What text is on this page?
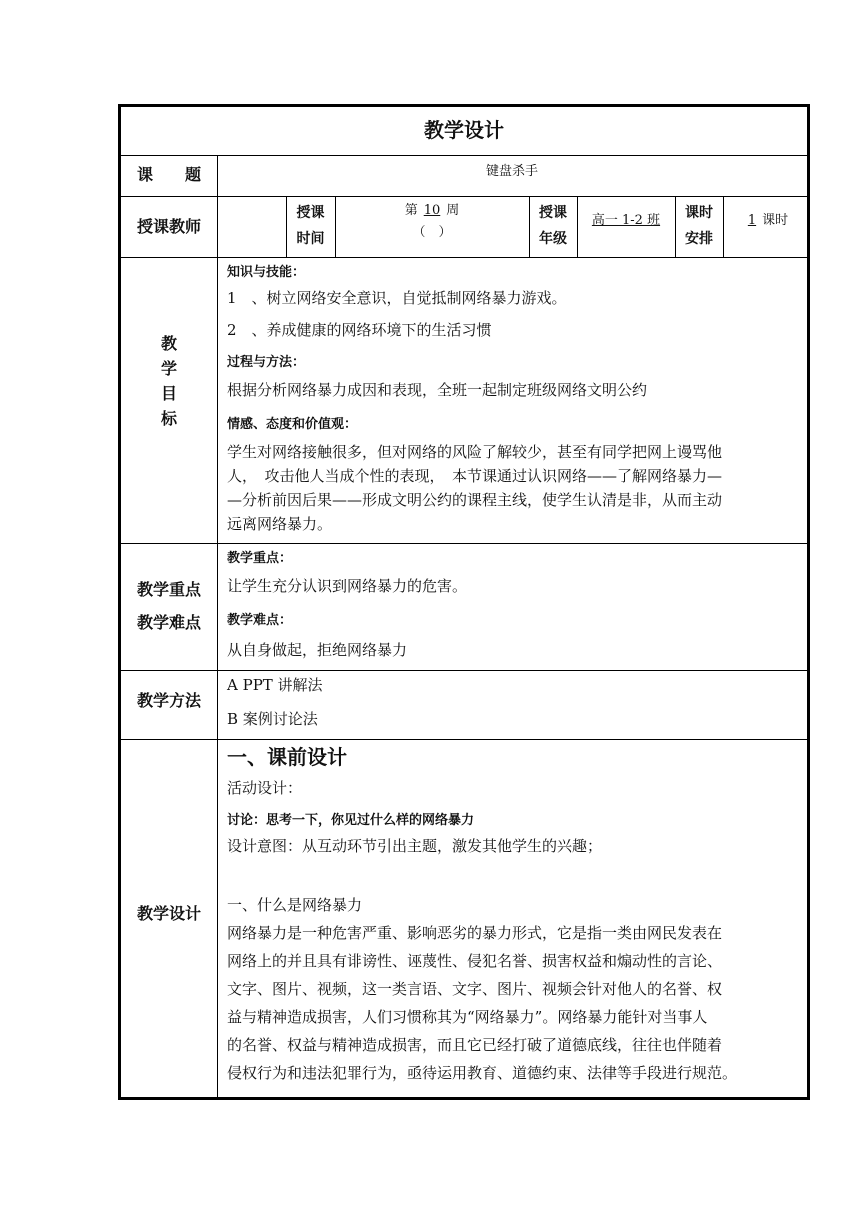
教学设计
课　　题	键盘杀手
授课教师
授课
时间
第 10 周
（　）
授课
年级
高一 1-2 班	课时
安排
1 课时
教
学
目
标
知识与技能：
1　、树立网络安全意识，自觉抵制网络暴力游戏。
2　、养成健康的网络环境下的生活习惯
过程与方法：
根据分析网络暴力成因和表现，全班一起制定班级网络文明公约
情感、态度和价值观：
学生对网络接触很多，但对网络的风险了解较少，甚至有同学把网上谩骂他
人，　攻击他人当成个性的表现，　本节课通过认识网络——了解网络暴力—
—分析前因后果——形成文明公约的课程主线，使学生认清是非，从而主动
远离网络暴力。
教学重点
教学难点
教学重点：
让学生充分认识到网络暴力的危害。
教学难点：
从自身做起，拒绝网络暴力
教学方法
A PPT 讲解法
B 案例讨论法
教学设计
一、课前设计
活动设计：
讨论：思考一下，你见过什么样的网络暴力
设计意图：从互动环节引出主题，激发其他学生的兴趣；
一、什么是网络暴力
网络暴力是一种危害严重、影响恶劣的暴力形式，它是指一类由网民发表在
网络上的并且具有诽谤性、诬蔑性、侵犯名誉、损害权益和煽动性的言论、
文字、图片、视频，这一类言语、文字、图片、视频会针对他人的名誉、权
益与精神造成损害，人们习惯称其为“网络暴力”。网络暴力能针对当事人
的名誉、权益与精神造成损害，而且它已经打破了道德底线，往往也伴随着
侵权行为和违法犯罪行为，亟待运用教育、道德约束、法律等手段进行规范。
